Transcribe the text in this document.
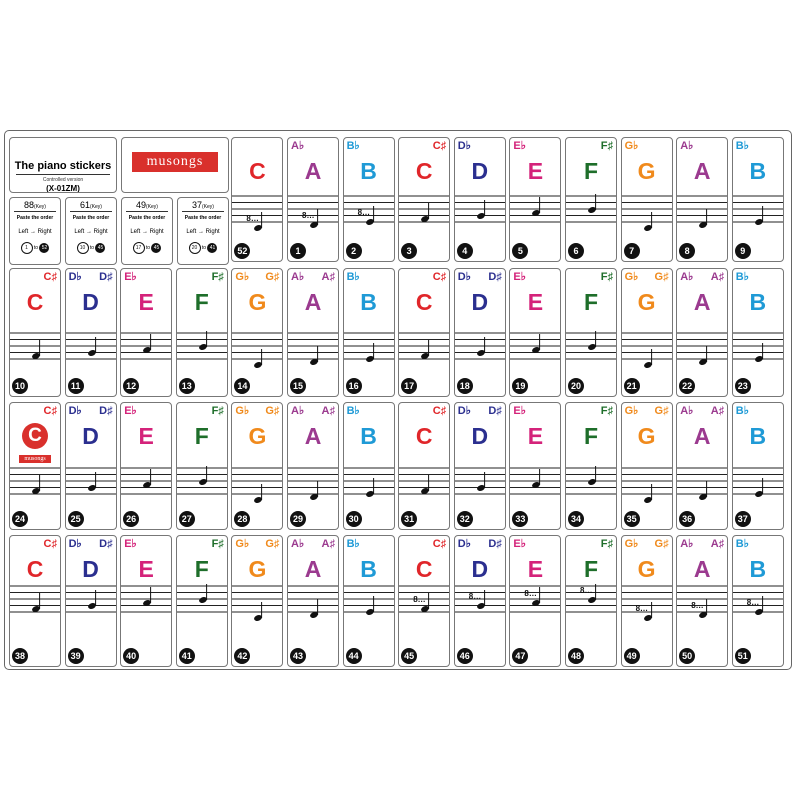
The piano stickers
Controlled version
(X-01ZM)
musongs
88(Key)
Paste the order
Left → Right
1 to 52
61(Key)
Paste the order
Left → Right
10 to 45
49(Key)
Paste the order
Left → Right
17 to 45
37(Key)
Paste the order
Left → Right
20 to 41
C
8…
52
A♭
A
8…
1
B♭
B
8…
2
C♯
C
3
D♭
D
4
E♭
E
5
F♯
F
6
G♭
G
7
A♭
A
8
B♭
B
9
C♯
C
10
D♭ D♯
D
11
E♭
E
12
F♯
F
13
G♭ G♯
G
14
A♭ A♯
A
15
B♭
B
16
C♯
C
17
D♭ D♯
D
18
E♭
E
19
F♯
F
20
G♭ G♯
G
21
A♭ A♯
A
22
B♭
B
23
C♯
C
musongs
24
D♭ D♯
D
25
E♭
E
26
F♯
F
27
G♭ G♯
G
28
A♭ A♯
A
29
B♭
B
30
C♯
C
31
D♭ D♯
D
32
E♭
E
33
F♯
F
34
G♭ G♯
G
35
A♭ A♯
A
36
B♭
B
37
C♯
C
38
D♭ D♯
D
39
E♭
E
40
F♯
F
41
G♭ G♯
G
42
A♭ A♯
A
43
B♭
B
44
C♯
C
8…
45
D♭ D♯
D
8…
46
E♭
E
8…
47
F♯
F
8…
48
G♭ G♯
G
8…
49
A♭ A♯
A
8…
50
B♭
B
8…
51
